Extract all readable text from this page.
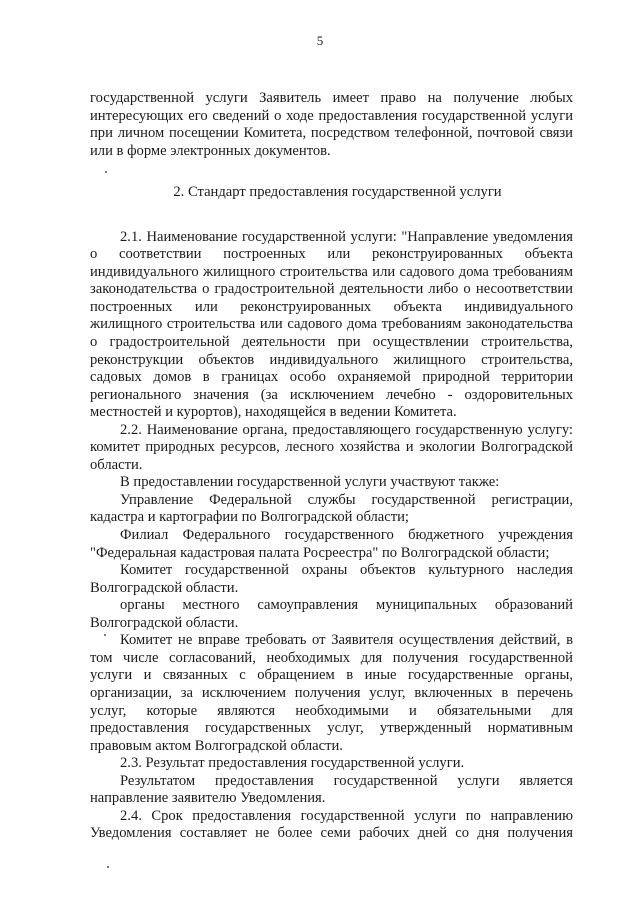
5

государственной услуги Заявитель имеет право на получение любых интересующих его сведений о ходе предоставления государственной услуги при личном посещении Комитета, посредством телефонной, почтовой связи или в форме электронных документов.

2. Стандарт предоставления государственной услуги

2.1. Наименование государственной услуги: "Направление уведомления о соответствии построенных или реконструированных объекта индивидуального жилищного строительства или садового дома требованиям законодательства о градостроительной деятельности либо о несоответствии построенных или реконструированных объекта индивидуального жилищного строительства или садового дома требованиям законодательства о градостроительной деятельности при осуществлении строительства, реконструкции объектов индивидуального жилищного строительства, садовых домов в границах особо охраняемой природной территории регионального значения (за исключением лечебно - оздоровительных местностей и курортов), находящейся в ведении Комитета.

2.2. Наименование органа, предоставляющего государственную услугу: комитет природных ресурсов, лесного хозяйства и экологии Волгоградской области.

В предоставлении государственной услуги участвуют также:

Управление Федеральной службы государственной регистрации, кадастра и картографии по Волгоградской области;

Филиал Федерального государственного бюджетного учреждения "Федеральная кадастровая палата Росреестра" по Волгоградской области;

Комитет государственной охраны объектов культурного наследия Волгоградской области.

органы местного самоуправления муниципальных образований Волгоградской области.

Комитет не вправе требовать от Заявителя осуществления действий, в том числе согласований, необходимых для получения государственной услуги и связанных с обращением в иные государственные органы, организации, за исключением получения услуг, включенных в перечень услуг, которые являются необходимыми и обязательными для предоставления государственных услуг, утвержденный нормативным правовым актом Волгоградской области.

2.3. Результат предоставления государственной услуги.

Результатом предоставления государственной услуги является направление заявителю Уведомления.

2.4. Срок предоставления государственной услуги по направлению Уведомления составляет не более семи рабочих дней со дня получения
